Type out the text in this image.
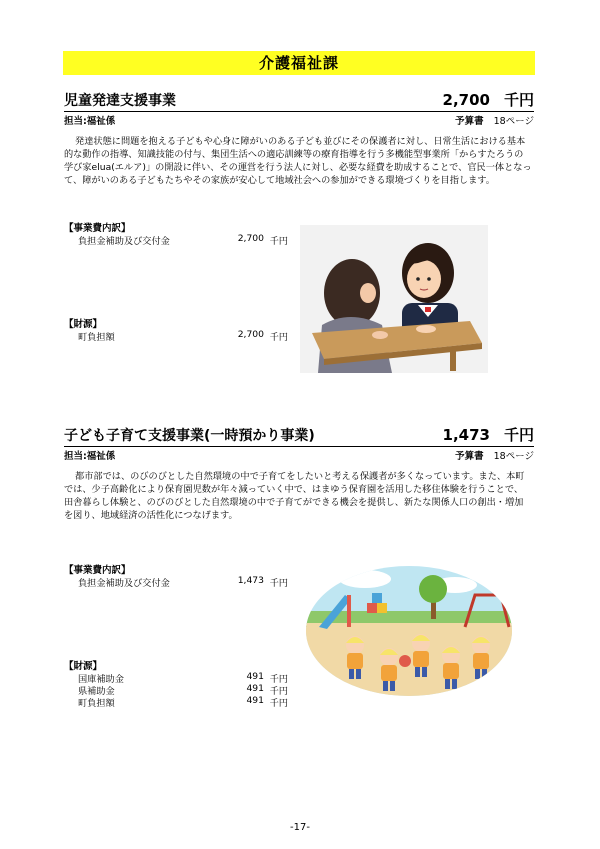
介護福祉課
児童発達支援事業	2,700 千円
担当:福祉係	予算書 18ページ

発達状態に問題を抱える子どもや心身に障がいのある子ども並びにその保護者に対し、日常生活における基本的な動作の指導、知識技能の付与、集団生活への適応訓練等の療育指導を行う多機能型事業所「からすたろうの学び家elua(エルア)」の開設に伴い、その運営を行う法人に対し、必要な経費を助成することで、官民一体となって、障がいのある子どもたちやその家族が安心して地域社会への参加ができる環境づくりを目指します。

【事業費内訳】
負担金補助及び交付金	2,700 千円
【財源】
町負担額	2,700 千円
子ども子育て支援事業(一時預かり事業)	1,473 千円
担当:福祉係	予算書 18ページ

都市部では、のびのびとした自然環境の中で子育てをしたいと考える保護者が多くなっています。また、本町では、少子高齢化により保育園児数が年々減っていく中で、はまゆう保育園を活用した移住体験を行うことで、田舎暮らし体験と、のびのびとした自然環境の中で子育てができる機会を提供し、新たな関係人口の創出・増加を図り、地域経済の活性化につなげます。

【事業費内訳】
負担金補助及び交付金	1,473 千円
【財源】
国庫補助金	491 千円
県補助金	491 千円
町負担額	491 千円
-17-
